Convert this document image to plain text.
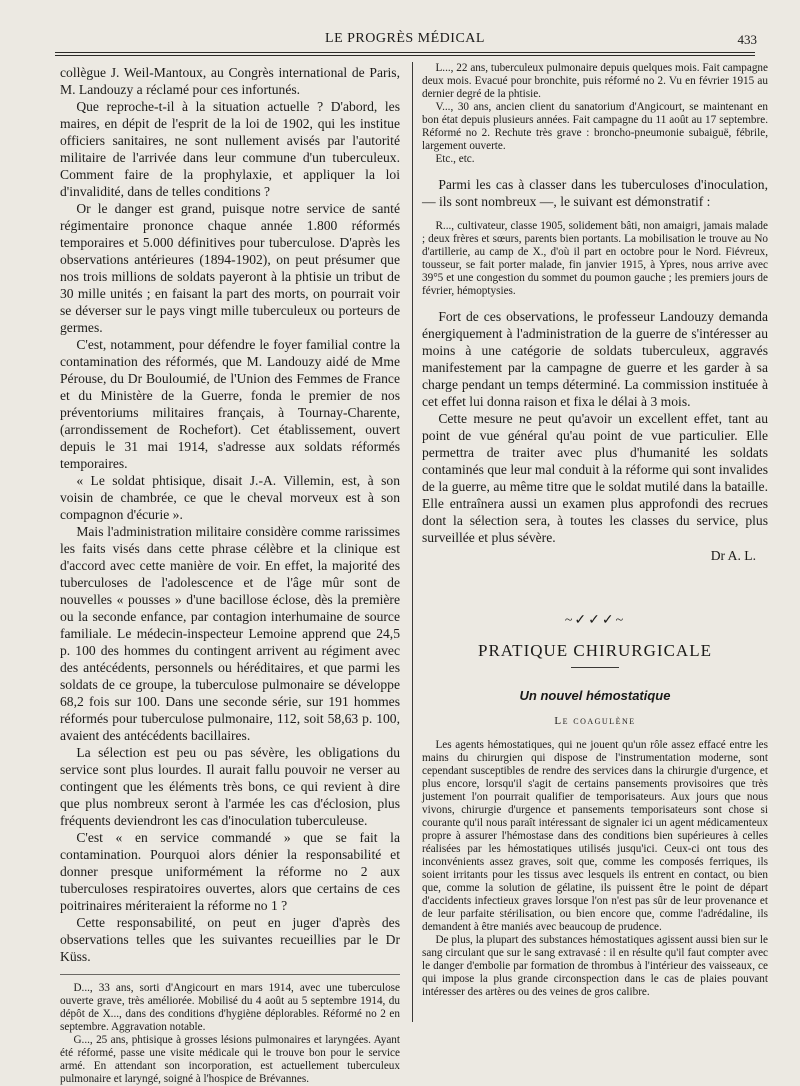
LE PROGRÈS MÉDICAL	433

collègue J. Weil-Mantoux, au Congrès international de Paris, M. Landouzy a réclamé pour ces infortunés.

Que reproche-t-il à la situation actuelle ? D'abord, les maires, en dépit de l'esprit de la loi de 1902, qui les institue officiers sanitaires, ne sont nullement avisés par l'autorité militaire de l'arrivée dans leur commune d'un tuberculeux. Comment faire de la prophylaxie, et appliquer la loi d'invalidité, dans de telles conditions ?

Or le danger est grand, puisque notre service de santé régimentaire prononce chaque année 1.800 réformés temporaires et 5.000 définitives pour tuberculose. D'après les observations antérieures (1894-1902), on peut présumer que nos trois millions de soldats payeront à la phtisie un tribut de 30 mille unités ; en faisant la part des morts, on pourrait voir se déverser sur le pays vingt mille tuberculeux ou porteurs de germes.

C'est, notamment, pour défendre le foyer familial contre la contamination des réformés, que M. Landouzy aidé de Mme Pérouse, du Dr Bouloumié, de l'Union des Femmes de France et du Ministère de la Guerre, fonda le premier de nos préventoriums militaires français, à Tournay-Charente, (arrondissement de Rochefort). Cet établissement, ouvert depuis le 31 mai 1914, s'adresse aux soldats réformés temporaires.

« Le soldat phtisique, disait J.-A. Villemin, est, à son voisin de chambrée, ce que le cheval morveux est à son compagnon d'écurie ».

Mais l'administration militaire considère comme rarissimes les faits visés dans cette phrase célèbre et la clinique est d'accord avec cette manière de voir. En effet, la majorité des tuberculoses de l'adolescence et de l'âge mûr sont de nouvelles « pousses » d'une bacillose éclose, dès la première ou la seconde enfance, par contagion interhumaine de source familiale. Le médecin-inspecteur Lemoine apprend que 24,5 p. 100 des hommes du contingent arrivent au régiment avec des antécédents, personnels ou héréditaires, et que parmi les soldats de ce groupe, la tuberculose pulmonaire se développe 68,2 fois sur 100. Dans une seconde série, sur 191 hommes réformés pour tuberculose pulmonaire, 112, soit 58,63 p. 100, avaient des antécédents bacillaires.

La sélection est peu ou pas sévère, les obligations du service sont plus lourdes. Il aurait fallu pouvoir ne verser au contingent que les éléments très bons, ce qui revient à dire que plus nombreux seront à l'armée les cas d'éclosion, plus fréquents deviendront les cas d'inoculation tuberculeuse.

C'est « en service commandé » que se fait la contamination. Pourquoi alors dénier la responsabilité et donner presque uniformément la réforme no 2 aux tuberculoses respiratoires ouvertes, alors que certains de ces poitrinaires mériteraient la réforme no 1 ?

Cette responsabilité, on peut en juger d'après des observations telles que les suivantes recueillies par le Dr Küss.

D..., 33 ans, sorti d'Angicourt en mars 1914, avec une tuberculose ouverte grave, très améliorée. Mobilisé du 4 août au 5 septembre 1914, du dépôt de X..., dans des conditions d'hygiène déplorables. Réformé no 2 en septembre. Aggravation notable.

G..., 25 ans, phtisique à grosses lésions pulmonaires et laryngées. Ayant été réformé, passe une visite médicale qui le trouve bon pour le service armé. En attendant son incorporation, est actuellement tuberculeux pulmonaire et laryngé, soigné à l'hospice de Brévannes.

L..., 22 ans, tuberculeux pulmonaire depuis quelques mois. Fait campagne deux mois. Evacué pour bronchite, puis réformé no 2. Vu en février 1915 au dernier degré de la phtisie.

V..., 30 ans, ancien client du sanatorium d'Angicourt, se maintenant en bon état depuis plusieurs années. Fait campagne du 11 août au 17 septembre. Réformé no 2. Rechute très grave : broncho-pneumonie subaiguë, fébrile, largement ouverte.

Etc., etc.

Parmi les cas à classer dans les tuberculoses d'inoculation, — ils sont nombreux —, le suivant est démonstratif :

R..., cultivateur, classe 1905, solidement bâti, non amaigri, jamais malade ; deux frères et sœurs, parents bien portants. La mobilisation le trouve au No d'artillerie, au camp de X., d'où il part en octobre pour le Nord. Fiévreux, tousseur, se fait porter malade, fin janvier 1915, à Ypres, nous arrive avec 39°5 et une congestion du sommet du poumon gauche ; les premiers jours de février, hémoptysies.

Fort de ces observations, le professeur Landouzy demanda énergiquement à l'administration de la guerre de s'intéresser au moins à une catégorie de soldats tuberculeux, aggravés manifestement par la campagne de guerre et les garder à sa charge pendant un temps déterminé. La commission instituée à cet effet lui donna raison et fixa le délai à 3 mois.

Cette mesure ne peut qu'avoir un excellent effet, tant au point de vue général qu'au point de vue particulier. Elle permettra de traiter avec plus d'humanité les soldats contaminés que leur mal conduit à la réforme qui sont invalides de la guerre, au même titre que le soldat mutilé dans la bataille. Elle entraînera aussi un examen plus approfondi des recrues dont la sélection sera, à toutes les classes du service, plus surveillée et plus sévère.

Dr A. L.
~✓✓✓~
PRATIQUE CHIRURGICALE
Un nouvel hémostatique
Le coagulène

Les agents hémostatiques, qui ne jouent qu'un rôle assez effacé entre les mains du chirurgien qui dispose de l'instrumentation moderne, sont cependant susceptibles de rendre des services dans la chirurgie d'urgence, et plus encore, lorsqu'il s'agit de certains pansements provisoires que très justement l'on pourrait qualifier de temporisateurs. Aux jours que nous vivons, chirurgie d'urgence et pansements temporisateurs sont chose si courante qu'il nous paraît intéressant de signaler ici un agent médicamenteux propre à assurer l'hémostase dans des conditions bien supérieures à celles réalisées par les hémostatiques utilisés jusqu'ici. Ceux-ci ont tous des inconvénients assez graves, soit que, comme les composés ferriques, ils soient irritants pour les tissus avec lesquels ils entrent en contact, ou bien que, comme la solution de gélatine, ils puissent être le point de départ d'accidents infectieux graves lorsque l'on n'est pas sûr de leur provenance et de leur parfaite stérilisation, ou bien encore que, comme l'adrédaline, ils demandent à être maniés avec beaucoup de prudence.

De plus, la plupart des substances hémostatiques agissent aussi bien sur le sang circulant que sur le sang extravasé : il en résulte qu'il faut compter avec le danger d'embolie par formation de thrombus à l'intérieur des vaisseaux, ce qui impose la plus grande circonspection dans le cas de plaies pouvant intéresser des artères ou des veines de gros calibre.
